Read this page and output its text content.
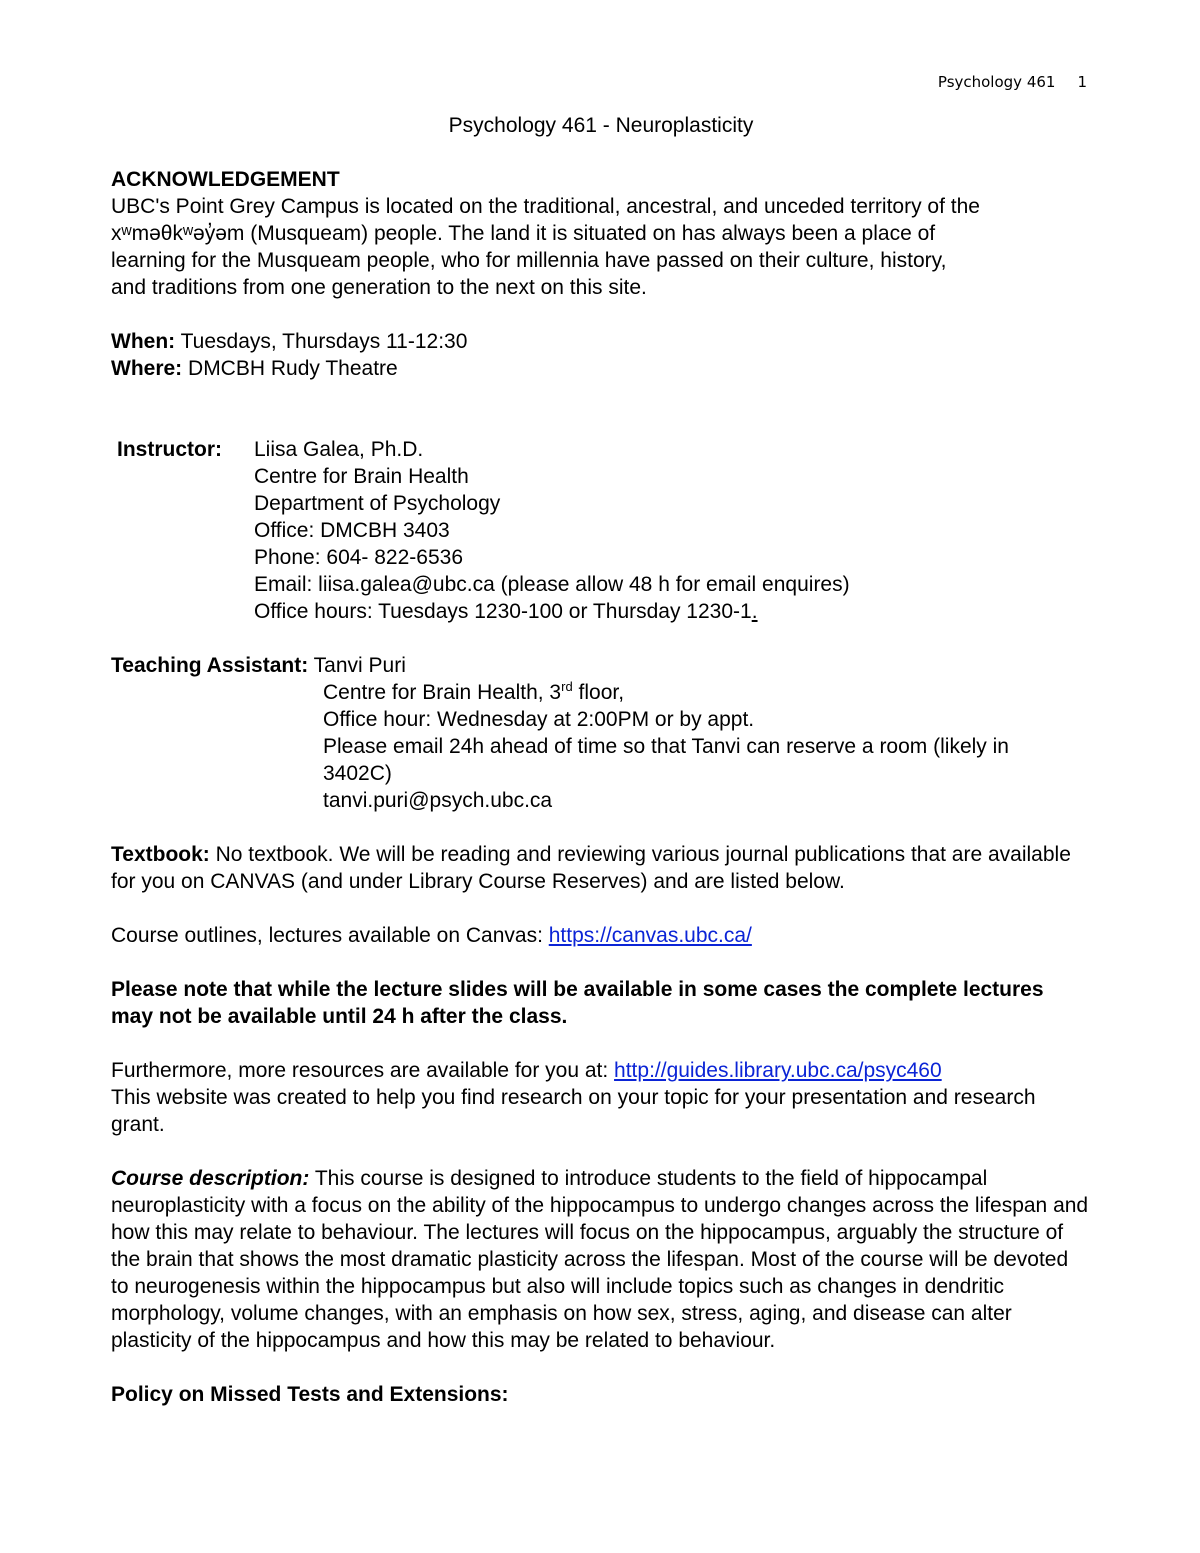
Psychology 461 1
Psychology 461 - Neuroplasticity
ACKNOWLEDGEMENT
UBC's Point Grey Campus is located on the traditional, ancestral, and unceded territory of the
xʷməθkʷəy̓əm (Musqueam) people. The land it is situated on has always been a place of
learning for the Musqueam people, who for millennia have passed on their culture, history,
and traditions from one generation to the next on this site.
When: Tuesdays, Thursdays 11-12:30
Where: DMCBH Rudy Theatre
Instructor:	Liisa Galea, Ph.D.
Centre for Brain Health
Department of Psychology
Office: DMCBH 3403
Phone: 604- 822-6536
Email: liisa.galea@ubc.ca (please allow 48 h for email enquires)
Office hours: Tuesdays 1230-100 or Thursday 1230-1.
Teaching Assistant: Tanvi Puri
Centre for Brain Health, 3rd floor,
Office hour: Wednesday at 2:00PM or by appt.
Please email 24h ahead of time so that Tanvi can reserve a room (likely in 3402C)
tanvi.puri@psych.ubc.ca
Textbook: No textbook. We will be reading and reviewing various journal publications that are available for you on CANVAS (and under Library Course Reserves) and are listed below.
Course outlines, lectures available on Canvas: https://canvas.ubc.ca/
Please note that while the lecture slides will be available in some cases the complete lectures may not be available until 24 h after the class.
Furthermore, more resources are available for you at: http://guides.library.ubc.ca/psyc460
This website was created to help you find research on your topic for your presentation and research grant.
Course description: This course is designed to introduce students to the field of hippocampal neuroplasticity with a focus on the ability of the hippocampus to undergo changes across the lifespan and how this may relate to behaviour. The lectures will focus on the hippocampus, arguably the structure of the brain that shows the most dramatic plasticity across the lifespan. Most of the course will be devoted to neurogenesis within the hippocampus but also will include topics such as changes in dendritic morphology, volume changes, with an emphasis on how sex, stress, aging, and disease can alter plasticity of the hippocampus and how this may be related to behaviour.
Policy on Missed Tests and Extensions:
